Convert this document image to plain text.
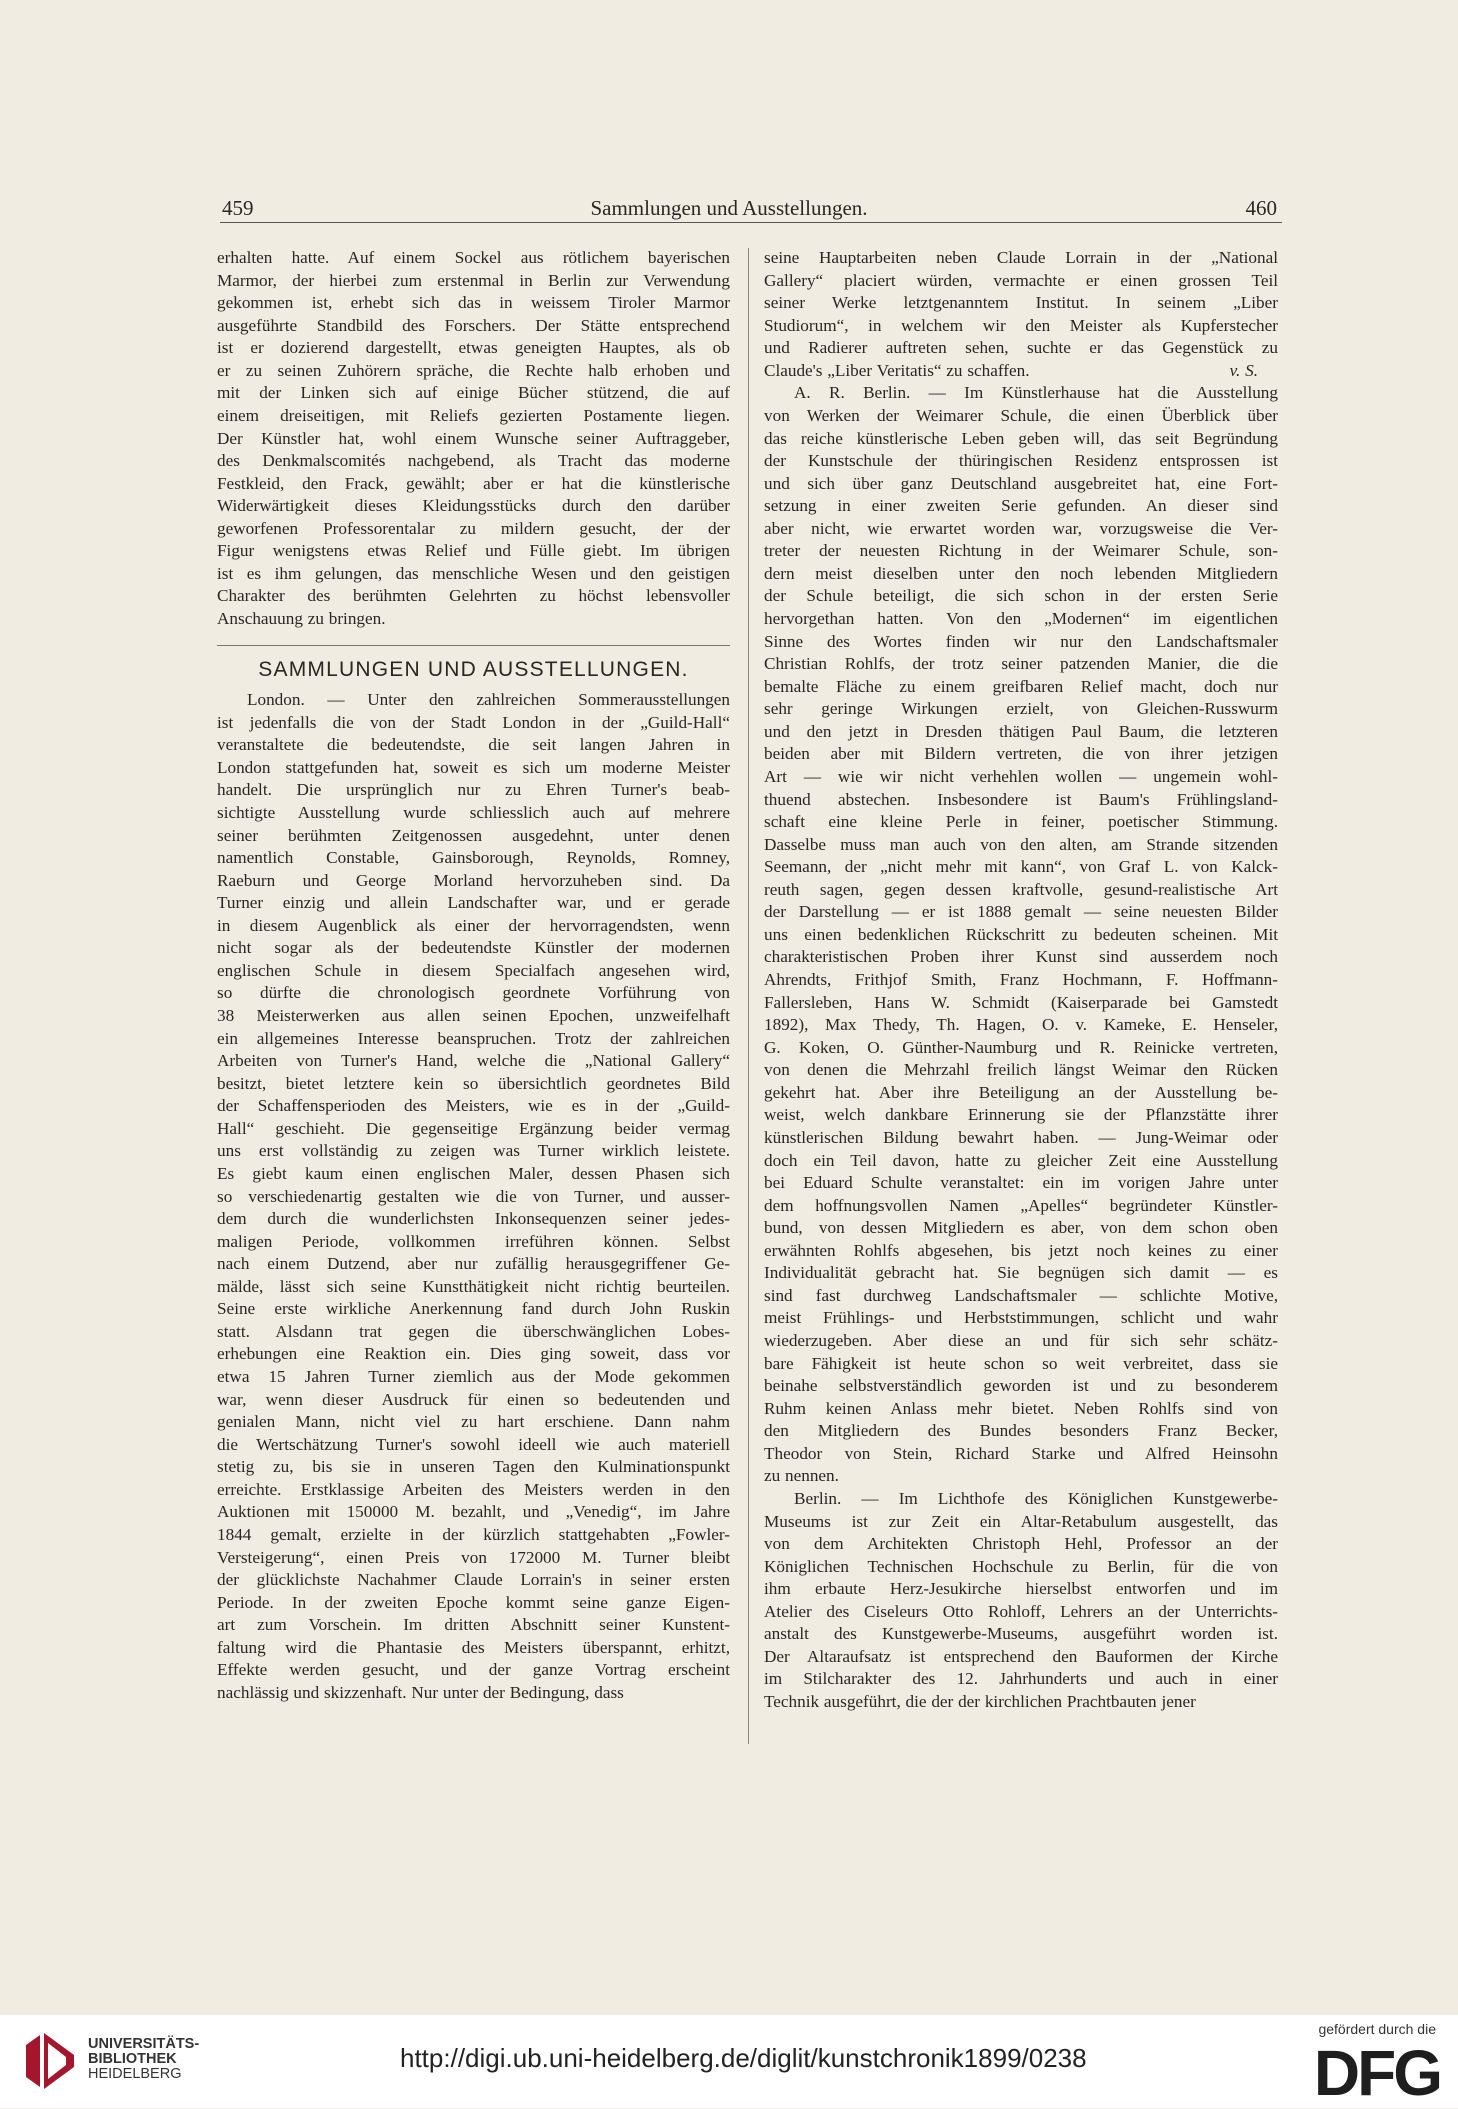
459	Sammlungen und Ausstellungen.	460

erhalten hatte. Auf einem Sockel aus rötlichem bayerischen

Marmor, der hierbei zum erstenmal in Berlin zur Verwendung

gekommen ist, erhebt sich das in weissem Tiroler Marmor

ausgeführte Standbild des Forschers. Der Stätte entsprechend

ist er dozierend dargestellt, etwas geneigten Hauptes, als ob

er zu seinen Zuhörern spräche, die Rechte halb erhoben und

mit der Linken sich auf einige Bücher stützend, die auf

einem dreiseitigen, mit Reliefs gezierten Postamente liegen.

Der Künstler hat, wohl einem Wunsche seiner Auftraggeber,

des Denkmalscomités nachgebend, als Tracht das moderne

Festkleid, den Frack, gewählt; aber er hat die künstlerische

Widerwärtigkeit dieses Kleidungsstücks durch den darüber

geworfenen Professorentalar zu mildern gesucht, der der

Figur wenigstens etwas Relief und Fülle giebt. Im übrigen

ist es ihm gelungen, das menschliche Wesen und den geistigen

Charakter des berühmten Gelehrten zu höchst lebensvoller

Anschauung zu bringen.

SAMMLUNGEN UND AUSSTELLUNGEN.

London. — Unter den zahlreichen Sommerausstellungen

ist jedenfalls die von der Stadt London in der „Guild-Hall“

veranstaltete die bedeutendste, die seit langen Jahren in

London stattgefunden hat, soweit es sich um moderne Meister

handelt. Die ursprünglich nur zu Ehren Turner's beab-

sichtigte Ausstellung wurde schliesslich auch auf mehrere

seiner berühmten Zeitgenossen ausgedehnt, unter denen

namentlich Constable, Gainsborough, Reynolds, Romney,

Raeburn und George Morland hervorzuheben sind. Da

Turner einzig und allein Landschafter war, und er gerade

in diesem Augenblick als einer der hervorragendsten, wenn

nicht sogar als der bedeutendste Künstler der modernen

englischen Schule in diesem Specialfach angesehen wird,

so dürfte die chronologisch geordnete Vorführung von

38 Meisterwerken aus allen seinen Epochen, unzweifelhaft

ein allgemeines Interesse beanspruchen. Trotz der zahlreichen

Arbeiten von Turner's Hand, welche die „National Gallery“

besitzt, bietet letztere kein so übersichtlich geordnetes Bild

der Schaffensperioden des Meisters, wie es in der „Guild-

Hall“ geschieht. Die gegenseitige Ergänzung beider vermag

uns erst vollständig zu zeigen was Turner wirklich leistete.

Es giebt kaum einen englischen Maler, dessen Phasen sich

so verschiedenartig gestalten wie die von Turner, und ausser-

dem durch die wunderlichsten Inkonsequenzen seiner jedes-

maligen Periode, vollkommen irreführen können. Selbst

nach einem Dutzend, aber nur zufällig herausgegriffener Ge-

mälde, lässt sich seine Kunstthätigkeit nicht richtig beurteilen.

Seine erste wirkliche Anerkennung fand durch John Ruskin

statt. Alsdann trat gegen die überschwänglichen Lobes-

erhebungen eine Reaktion ein. Dies ging soweit, dass vor

etwa 15 Jahren Turner ziemlich aus der Mode gekommen

war, wenn dieser Ausdruck für einen so bedeutenden und

genialen Mann, nicht viel zu hart erschiene. Dann nahm

die Wertschätzung Turner's sowohl ideell wie auch materiell

stetig zu, bis sie in unseren Tagen den Kulminationspunkt

erreichte. Erstklassige Arbeiten des Meisters werden in den

Auktionen mit 150000 M. bezahlt, und „Venedig“, im Jahre

1844 gemalt, erzielte in der kürzlich stattgehabten „Fowler-

Versteigerung“, einen Preis von 172000 M. Turner bleibt

der glücklichste Nachahmer Claude Lorrain's in seiner ersten

Periode. In der zweiten Epoche kommt seine ganze Eigen-

art zum Vorschein. Im dritten Abschnitt seiner Kunstent-

faltung wird die Phantasie des Meisters überspannt, erhitzt,

Effekte werden gesucht, und der ganze Vortrag erscheint

nachlässig und skizzenhaft. Nur unter der Bedingung, dass

seine Hauptarbeiten neben Claude Lorrain in der „National

Gallery“ placiert würden, vermachte er einen grossen Teil

seiner Werke letztgenanntem Institut. In seinem „Liber

Studiorum“, in welchem wir den Meister als Kupferstecher

und Radierer auftreten sehen, suchte er das Gegenstück zu

Claude's „Liber Veritatis“ zu schaffen.	v. S.

A. R. Berlin. — Im Künstlerhause hat die Ausstellung

von Werken der Weimarer Schule, die einen Überblick über

das reiche künstlerische Leben geben will, das seit Begründung

der Kunstschule der thüringischen Residenz entsprossen ist

und sich über ganz Deutschland ausgebreitet hat, eine Fort-

setzung in einer zweiten Serie gefunden. An dieser sind

aber nicht, wie erwartet worden war, vorzugsweise die Ver-

treter der neuesten Richtung in der Weimarer Schule, son-

dern meist dieselben unter den noch lebenden Mitgliedern

der Schule beteiligt, die sich schon in der ersten Serie

hervorgethan hatten. Von den „Modernen“ im eigentlichen

Sinne des Wortes finden wir nur den Landschaftsmaler

Christian Rohlfs, der trotz seiner patzenden Manier, die die

bemalte Fläche zu einem greifbaren Relief macht, doch nur

sehr geringe Wirkungen erzielt, von Gleichen-Russwurm

und den jetzt in Dresden thätigen Paul Baum, die letzteren

beiden aber mit Bildern vertreten, die von ihrer jetzigen

Art — wie wir nicht verhehlen wollen — ungemein wohl-

thuend abstechen. Insbesondere ist Baum's Frühlingsland-

schaft eine kleine Perle in feiner, poetischer Stimmung.

Dasselbe muss man auch von den alten, am Strande sitzenden

Seemann, der „nicht mehr mit kann“, von Graf L. von Kalck-

reuth sagen, gegen dessen kraftvolle, gesund-realistische Art

der Darstellung — er ist 1888 gemalt — seine neuesten Bilder

uns einen bedenklichen Rückschritt zu bedeuten scheinen. Mit

charakteristischen Proben ihrer Kunst sind ausserdem noch

Ahrendts, Frithjof Smith, Franz Hochmann, F. Hoffmann-

Fallersleben, Hans W. Schmidt (Kaiserparade bei Gamstedt

1892), Max Thedy, Th. Hagen, O. v. Kameke, E. Henseler,

G. Koken, O. Günther-Naumburg und R. Reinicke vertreten,

von denen die Mehrzahl freilich längst Weimar den Rücken

gekehrt hat. Aber ihre Beteiligung an der Ausstellung be-

weist, welch dankbare Erinnerung sie der Pflanzstätte ihrer

künstlerischen Bildung bewahrt haben. — Jung-Weimar oder

doch ein Teil davon, hatte zu gleicher Zeit eine Ausstellung

bei Eduard Schulte veranstaltet: ein im vorigen Jahre unter

dem hoffnungsvollen Namen „Apelles“ begründeter Künstler-

bund, von dessen Mitgliedern es aber, von dem schon oben

erwähnten Rohlfs abgesehen, bis jetzt noch keines zu einer

Individualität gebracht hat. Sie begnügen sich damit — es

sind fast durchweg Landschaftsmaler — schlichte Motive,

meist Frühlings- und Herbststimmungen, schlicht und wahr

wiederzugeben. Aber diese an und für sich sehr schätz-

bare Fähigkeit ist heute schon so weit verbreitet, dass sie

beinahe selbstverständlich geworden ist und zu besonderem

Ruhm keinen Anlass mehr bietet. Neben Rohlfs sind von

den Mitgliedern des Bundes besonders Franz Becker,

Theodor von Stein, Richard Starke und Alfred Heinsohn

zu nennen.

Berlin. — Im Lichthofe des Königlichen Kunstgewerbe-

Museums ist zur Zeit ein Altar-Retabulum ausgestellt, das

von dem Architekten Christoph Hehl, Professor an der

Königlichen Technischen Hochschule zu Berlin, für die von

ihm erbaute Herz-Jesukirche hierselbst entworfen und im

Atelier des Ciseleurs Otto Rohloff, Lehrers an der Unterrichts-

anstalt des Kunstgewerbe-Museums, ausgeführt worden ist.

Der Altaraufsatz ist entsprechend den Bauformen der Kirche

im Stilcharakter des 12. Jahrhunderts und auch in einer

Technik ausgeführt, die der der kirchlichen Prachtbauten jener

UNIVERSITÄTS-
BIBLIOTHEK
HEIDELBERG
http://digi.ub.uni-heidelberg.de/diglit/kunstchronik1899/0238
gefördert durch die
DFG
